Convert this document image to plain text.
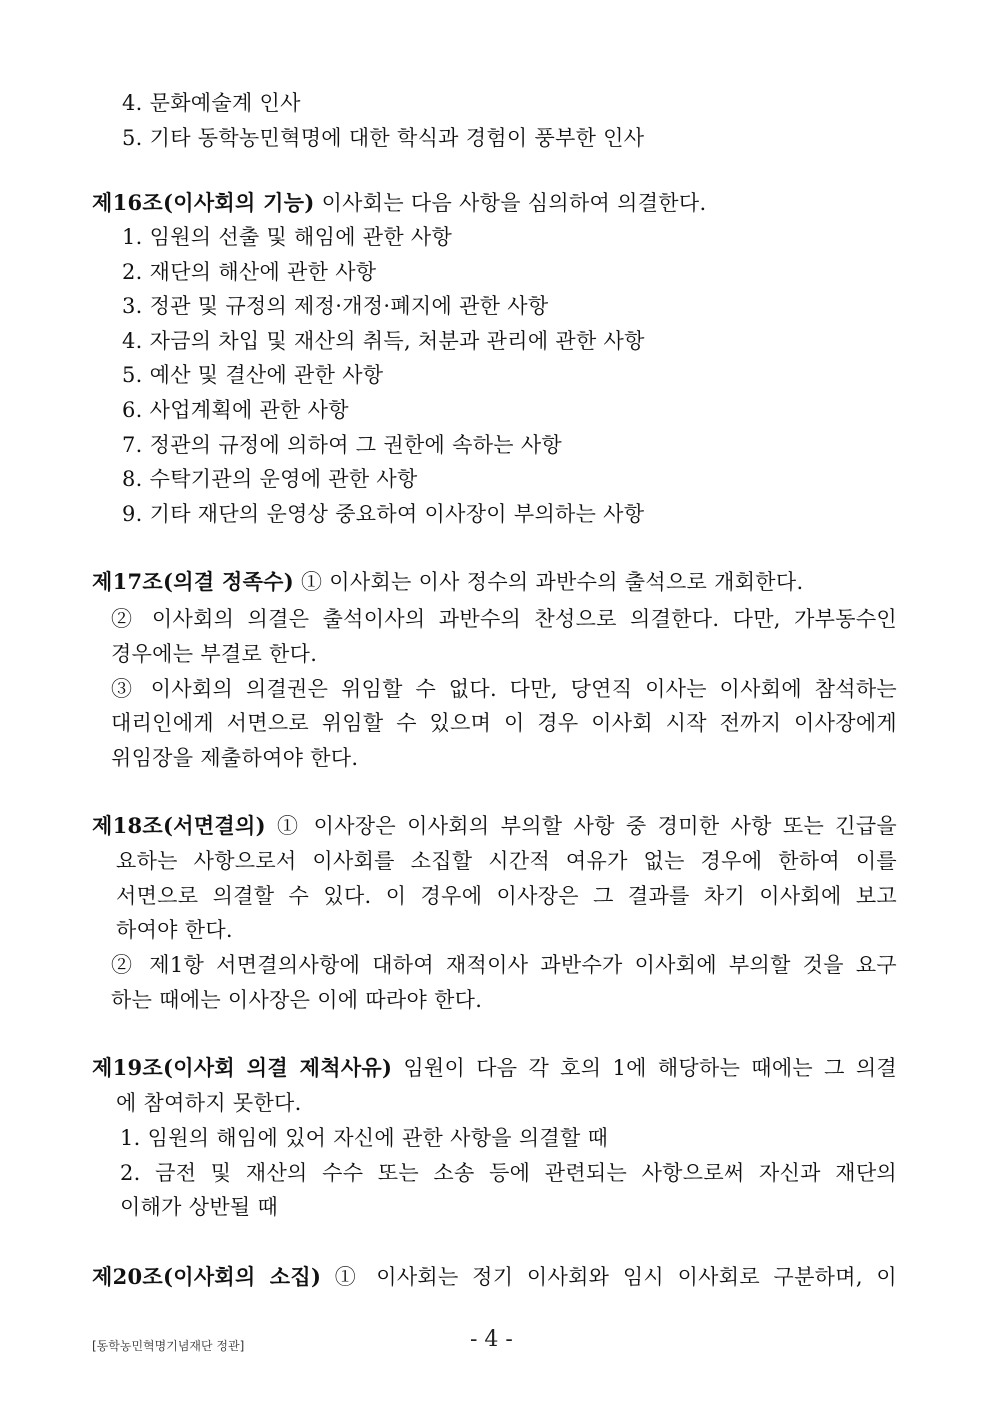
4. 문화예술계 인사
5. 기타 동학농민혁명에 대한 학식과 경험이 풍부한 인사
제16조(이사회의 기능) 이사회는 다음 사항을 심의하여 의결한다.
1. 임원의 선출 및 해임에 관한 사항
2. 재단의 해산에 관한 사항
3. 정관 및 규정의 제정·개정·폐지에 관한 사항
4. 자금의 차입 및 재산의 취득, 처분과 관리에 관한 사항
5. 예산 및 결산에 관한 사항
6. 사업계획에 관한 사항
7. 정관의 규정에 의하여 그 권한에 속하는 사항
8. 수탁기관의 운영에 관한 사항
9. 기타 재단의 운영상 중요하여 이사장이 부의하는 사항
제17조(의결 정족수) ① 이사회는 이사 정수의 과반수의 출석으로 개회한다.
② 이사회의 의결은 출석이사의 과반수의 찬성으로 의결한다. 다만, 가부동수인
경우에는 부결로 한다.
③ 이사회의 의결권은 위임할 수 없다. 다만, 당연직 이사는 이사회에 참석하는
대리인에게 서면으로 위임할 수 있으며 이 경우 이사회 시작 전까지 이사장에게
위임장을 제출하여야 한다.
제18조(서면결의) ① 이사장은 이사회의 부의할 사항 중 경미한 사항 또는 긴급을
요하는 사항으로서 이사회를 소집할 시간적 여유가 없는 경우에 한하여 이를
서면으로 의결할 수 있다. 이 경우에 이사장은 그 결과를 차기 이사회에 보고
하여야 한다.
② 제1항 서면결의사항에 대하여 재적이사 과반수가 이사회에 부의할 것을 요구
하는 때에는 이사장은 이에 따라야 한다.
제19조(이사회 의결 제척사유) 임원이 다음 각 호의 1에 해당하는 때에는 그 의결
에 참여하지 못한다.
1. 임원의 해임에 있어 자신에 관한 사항을 의결할 때
2. 금전 및 재산의 수수 또는 소송 등에 관련되는 사항으로써 자신과 재단의
이해가 상반될 때
제20조(이사회의 소집) ① 이사회는 정기 이사회와 임시 이사회로 구분하며, 이
[동학농민혁명기념재단 정관]	- 4 -
